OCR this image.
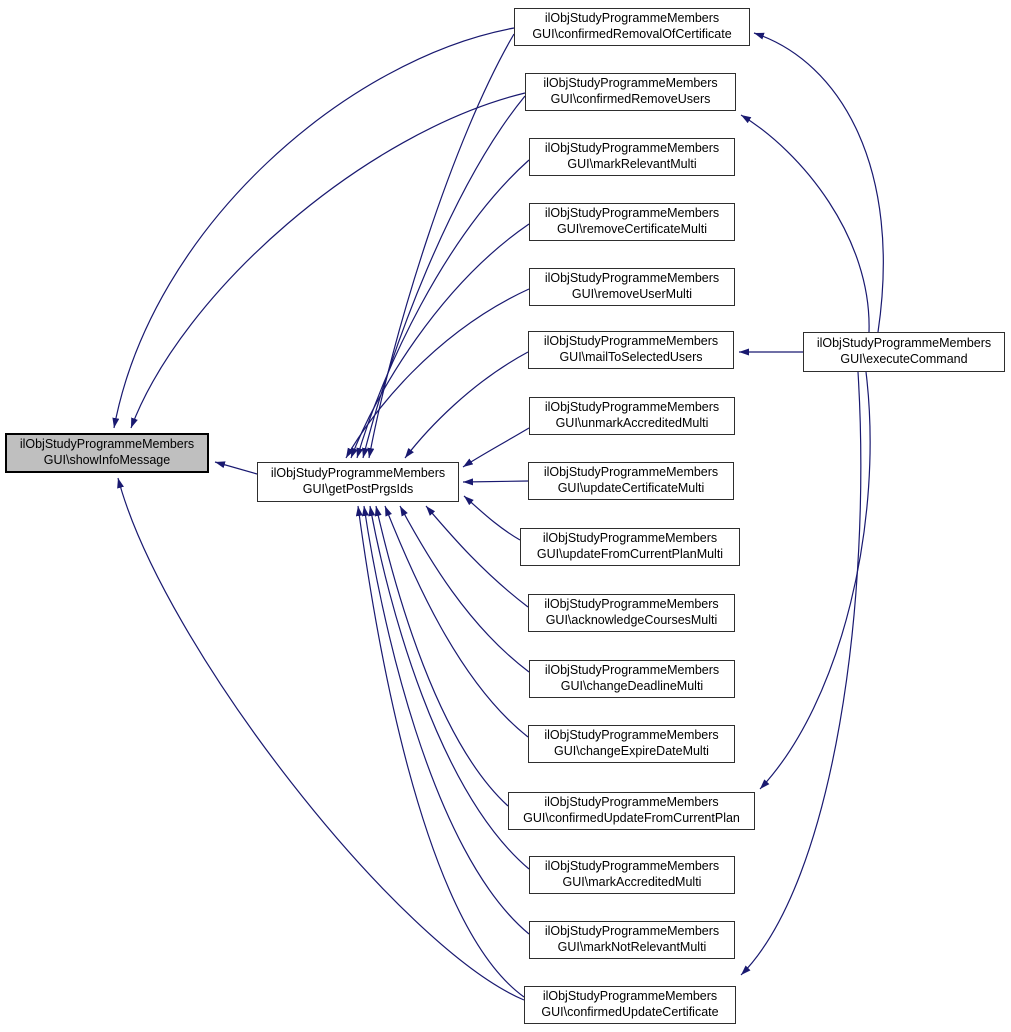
ilObjStudyProgrammeMembers
GUI\showInfoMessage
ilObjStudyProgrammeMembers
GUI\getPostPrgsIds
ilObjStudyProgrammeMembers
GUI\confirmedRemovalOfCertificate
ilObjStudyProgrammeMembers
GUI\confirmedRemoveUsers
ilObjStudyProgrammeMembers
GUI\markRelevantMulti
ilObjStudyProgrammeMembers
GUI\removeCertificateMulti
ilObjStudyProgrammeMembers
GUI\removeUserMulti
ilObjStudyProgrammeMembers
GUI\mailToSelectedUsers
ilObjStudyProgrammeMembers
GUI\unmarkAccreditedMulti
ilObjStudyProgrammeMembers
GUI\updateCertificateMulti
ilObjStudyProgrammeMembers
GUI\updateFromCurrentPlanMulti
ilObjStudyProgrammeMembers
GUI\acknowledgeCoursesMulti
ilObjStudyProgrammeMembers
GUI\changeDeadlineMulti
ilObjStudyProgrammeMembers
GUI\changeExpireDateMulti
ilObjStudyProgrammeMembers
GUI\confirmedUpdateFromCurrentPlan
ilObjStudyProgrammeMembers
GUI\markAccreditedMulti
ilObjStudyProgrammeMembers
GUI\markNotRelevantMulti
ilObjStudyProgrammeMembers
GUI\confirmedUpdateCertificate
ilObjStudyProgrammeMembers
GUI\executeCommand
